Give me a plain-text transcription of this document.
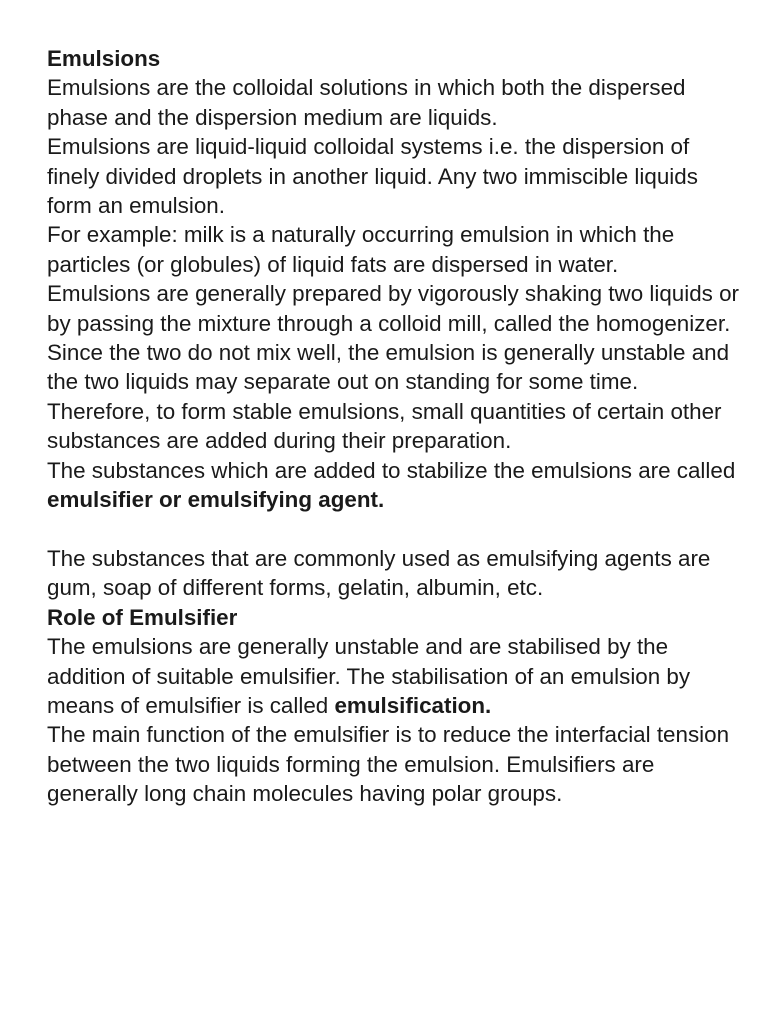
Emulsions

Emulsions are the colloidal solutions in which both the dispersed phase and the dispersion medium are liquids.

Emulsions are liquid-liquid colloidal systems i.e. the dispersion of finely divided droplets in another liquid. Any two immiscible liquids form an emulsion.

For example: milk is a naturally occurring emulsion in which the particles (or globules) of liquid fats are dispersed in water.

Emulsions are generally prepared by vigorously shaking two liquids or by passing the mixture through a colloid mill, called the homogenizer. Since the two do not mix well, the emulsion is generally unstable and the two liquids may separate out on standing for some time.

Therefore, to form stable emulsions, small quantities of certain other substances are added during their preparation.

The substances which are added to stabilize the emulsions are called emulsifier or emulsifying agent.

The substances that are commonly used as emulsifying agents are gum, soap of different forms, gelatin, albumin, etc.

Role of Emulsifier

The emulsions are generally unstable and are stabilised by the addition of suitable emulsifier. The stabilisation of an emulsion by means of emulsifier is called emulsification.

The main function of the emulsifier is to reduce the interfacial tension between the two liquids forming the emulsion. Emulsifiers are generally long chain molecules having polar groups.
